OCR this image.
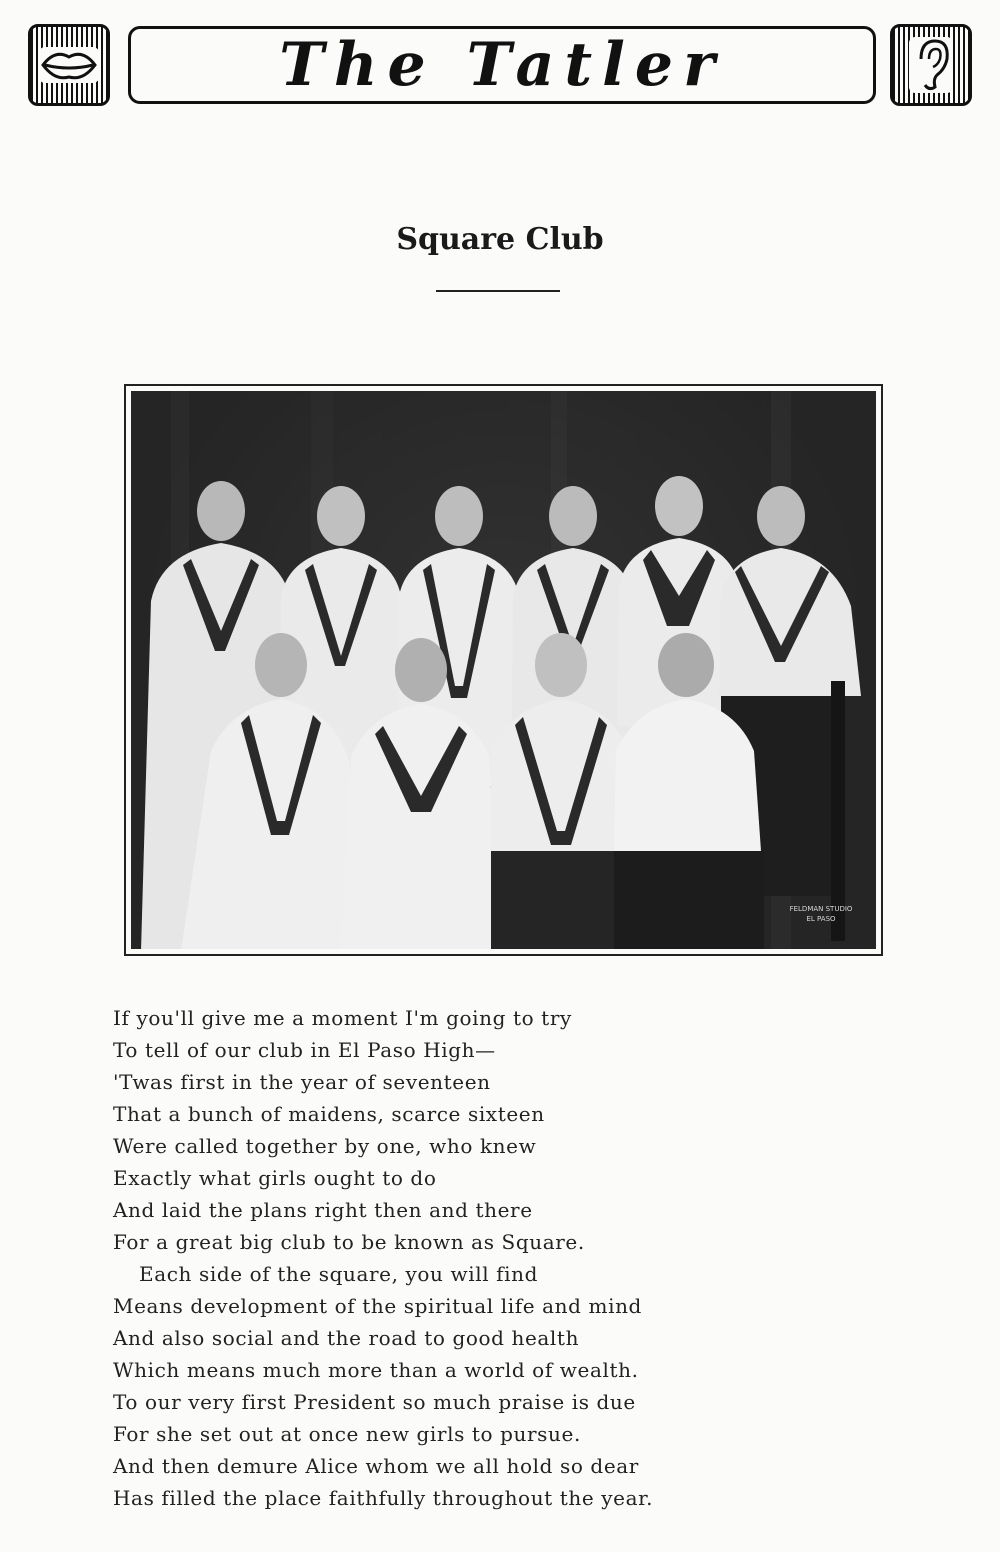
The Tatler
Square Club
FELDMAN STUDIO
EL PASO
If you'll give me a moment I'm going to try
To tell of our club in El Paso High—
'Twas first in the year of seventeen
That a bunch of maidens, scarce sixteen
Were called together by one, who knew
Exactly what girls ought to do
And laid the plans right then and there
For a great big club to be known as Square.
Each side of the square, you will find
Means development of the spiritual life and mind
And also social and the road to good health
Which means much more than a world of wealth.
To our very first President so much praise is due
For she set out at once new girls to pursue.
And then demure Alice whom we all hold so dear
Has filled the place faithfully throughout the year.
